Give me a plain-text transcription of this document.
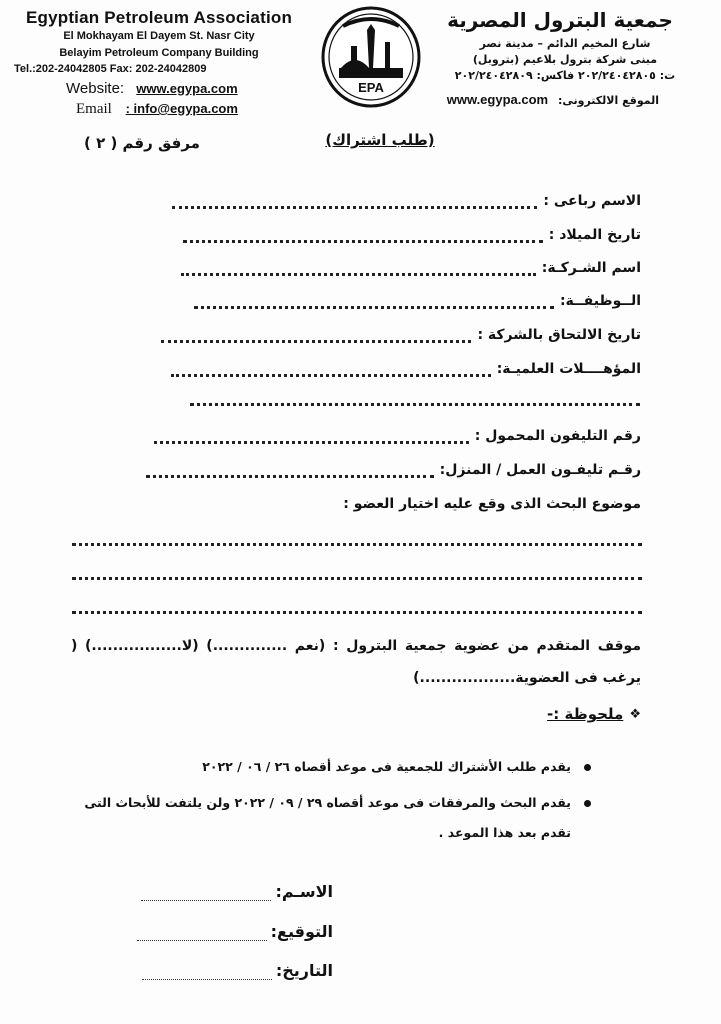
Egyptian Petroleum Association
El Mokhayam El Dayem St. Nasr City
Belayim Petroleum Company Building
Tel.:202-24042805 Fax: 202-24042809
Website: www.egypa.com
Email : info@egypa.com
EPA
جمعية البترول المصرية
شارع المخيم الدائم – مدينة نصر
مبنى شركة بترول بلاعيم (بتروبل)
ت: ٢٠٢/٢٤٠٤٢٨٠٥ فاكس: ٢٠٢/٢٤٠٤٢٨٠٩
الموقع الالكترونى: www.egypa.com
(طلب اشتراك)
مرفق رقم ( ٢ )
الاسم رباعى :
تاريخ الميلاد :
اسم الشـركـة:
الــوظيفــة:
تاريخ الالتحاق بالشركة :
المؤهــــلات العلميـة:
رقم التليفون المحمول :
رقـم تليفـون العمل / المنزل:
موضوع البحث الذى وقع عليه اختيار العضو :
موقف المتقدم من عضوية جمعية البترول : (نعم ..............) (لا.................) ( يرغب فى العضوية..................)
❖
ملحوظة :-
يقدم طلب الأشتراك للجمعية فى موعد أقصاه ٢٦ / ٠٦ / ٢٠٢٢
يقدم البحث والمرفقات فى موعد أقصاه ٢٩ / ٠٩ / ٢٠٢٢ ولن يلتفت للأبحاث التى تقدم بعد هذا الموعد .
الاسـم:
التوقيع:
التاريخ:
